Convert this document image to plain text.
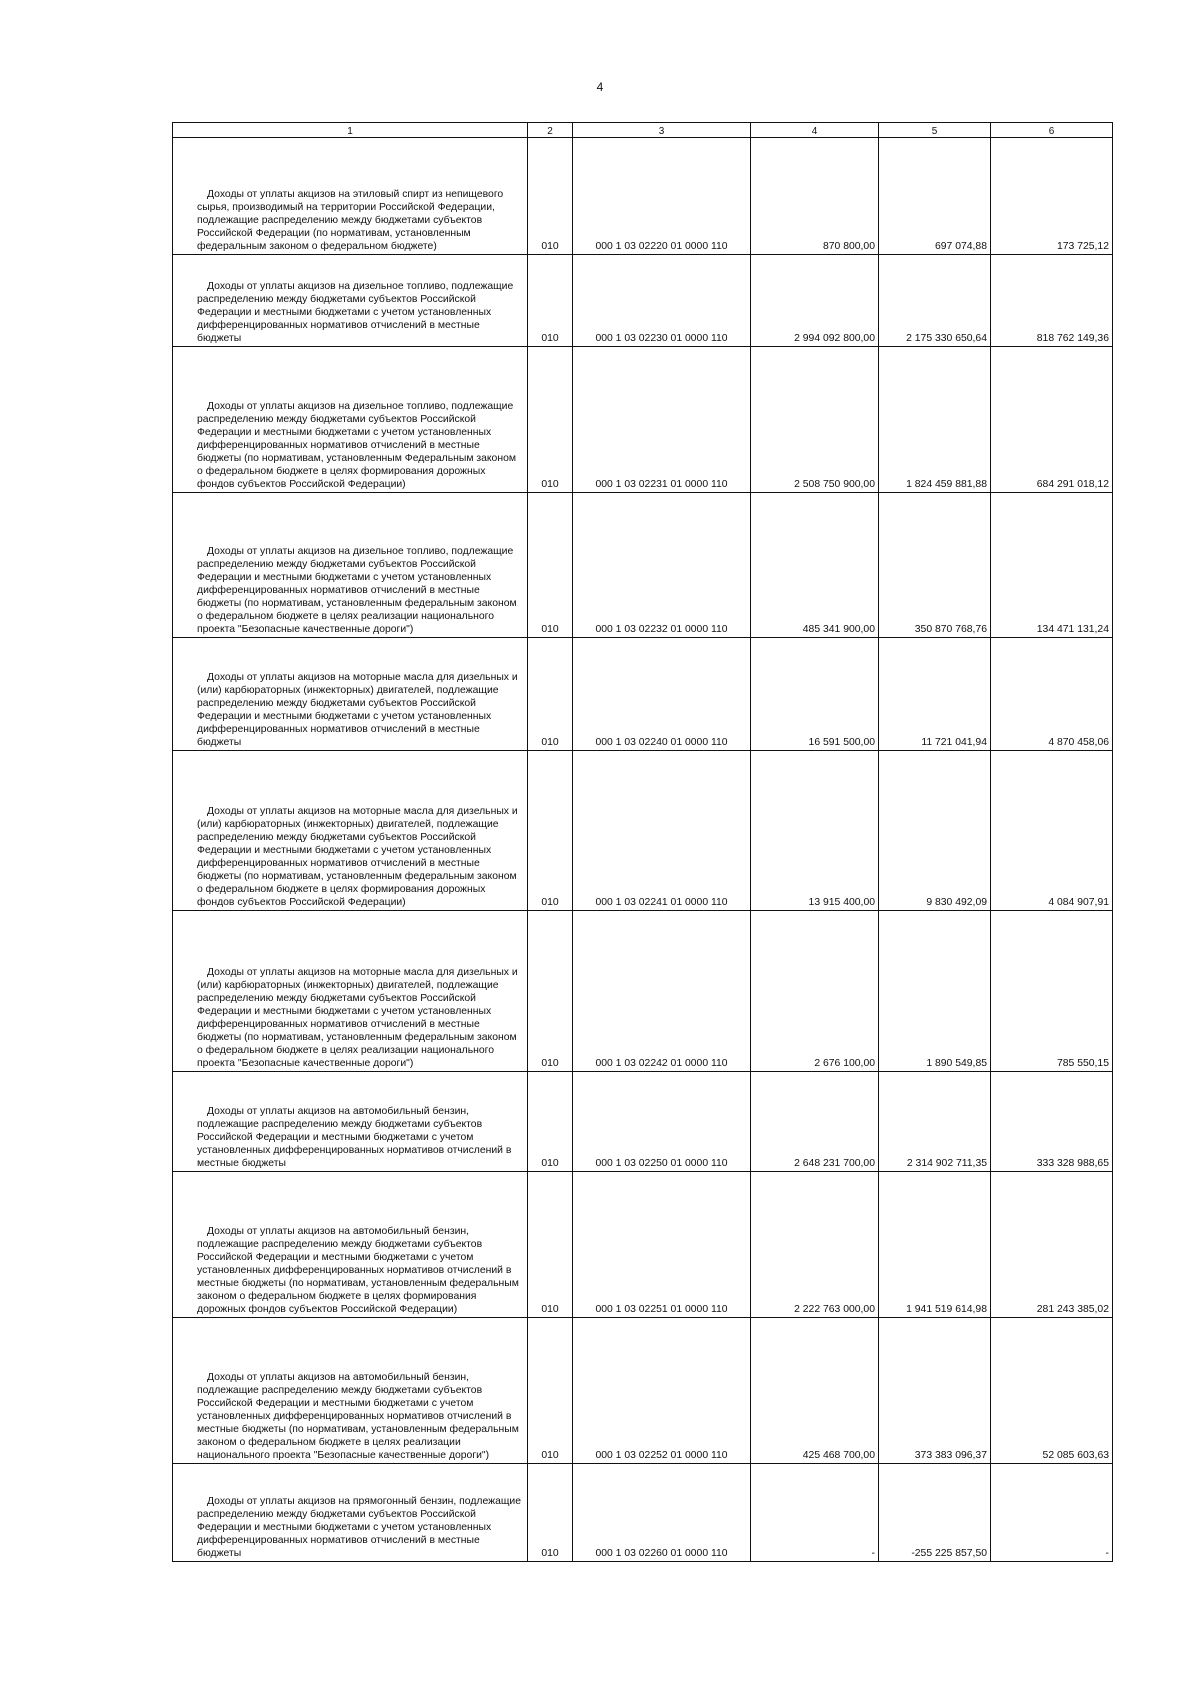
4
1	2	3	4	5	6
Доходы от уплаты акцизов на этиловый спирт из непищевого сырья, производимый на территории Российской Федерации, подлежащие распределению между бюджетами субъектов Российской Федерации (по нормативам, установленным федеральным законом о федеральном бюджете)	010	000 1 03 02220 01 0000 110	870 800,00	697 074,88	173 725,12
Доходы от уплаты акцизов на дизельное топливо, подлежащие распределению между бюджетами субъектов Российской Федерации и местными бюджетами с учетом установленных дифференцированных нормативов отчислений в местные бюджеты	010	000 1 03 02230 01 0000 110	2 994 092 800,00	2 175 330 650,64	818 762 149,36
Доходы от уплаты акцизов на дизельное топливо, подлежащие распределению между бюджетами субъектов Российской Федерации и местными бюджетами с учетом установленных дифференцированных нормативов отчислений в местные бюджеты (по нормативам, установленным Федеральным законом о федеральном бюджете в целях формирования дорожных фондов субъектов Российской Федерации)	010	000 1 03 02231 01 0000 110	2 508 750 900,00	1 824 459 881,88	684 291 018,12
Доходы от уплаты акцизов на дизельное топливо, подлежащие распределению между бюджетами субъектов Российской Федерации и местными бюджетами с учетом установленных дифференцированных нормативов отчислений в местные бюджеты (по нормативам, установленным федеральным законом о федеральном бюджете в целях реализации национального проекта "Безопасные качественные дороги")	010	000 1 03 02232 01 0000 110	485 341 900,00	350 870 768,76	134 471 131,24
Доходы от уплаты акцизов на моторные масла для дизельных и (или) карбюраторных (инжекторных) двигателей, подлежащие распределению между бюджетами субъектов Российской Федерации и местными бюджетами с учетом установленных дифференцированных нормативов отчислений в местные бюджеты	010	000 1 03 02240 01 0000 110	16 591 500,00	11 721 041,94	4 870 458,06
Доходы от уплаты акцизов на моторные масла для дизельных и (или) карбюраторных (инжекторных) двигателей, подлежащие распределению между бюджетами субъектов Российской Федерации и местными бюджетами с учетом установленных дифференцированных нормативов отчислений в местные бюджеты (по нормативам, установленным федеральным законом о федеральном бюджете в целях формирования дорожных фондов субъектов Российской Федерации)	010	000 1 03 02241 01 0000 110	13 915 400,00	9 830 492,09	4 084 907,91
Доходы от уплаты акцизов на моторные масла для дизельных и (или) карбюраторных (инжекторных) двигателей, подлежащие распределению между бюджетами субъектов Российской Федерации и местными бюджетами с учетом установленных дифференцированных нормативов отчислений в местные бюджеты (по нормативам, установленным федеральным законом о федеральном бюджете в целях реализации национального проекта "Безопасные качественные дороги")	010	000 1 03 02242 01 0000 110	2 676 100,00	1 890 549,85	785 550,15
Доходы от уплаты акцизов на автомобильный бензин, подлежащие распределению между бюджетами субъектов Российской Федерации и местными бюджетами с учетом установленных дифференцированных нормативов отчислений в местные бюджеты	010	000 1 03 02250 01 0000 110	2 648 231 700,00	2 314 902 711,35	333 328 988,65
Доходы от уплаты акцизов на автомобильный бензин, подлежащие распределению между бюджетами субъектов Российской Федерации и местными бюджетами с учетом установленных дифференцированных нормативов отчислений в местные бюджеты (по нормативам, установленным федеральным законом о федеральном бюджете в целях формирования дорожных фондов субъектов Российской Федерации)	010	000 1 03 02251 01 0000 110	2 222 763 000,00	1 941 519 614,98	281 243 385,02
Доходы от уплаты акцизов на автомобильный бензин, подлежащие распределению между бюджетами субъектов Российской Федерации и местными бюджетами с учетом установленных дифференцированных нормативов отчислений в местные бюджеты (по нормативам, установленным федеральным законом о федеральном бюджете в целях реализации национального проекта "Безопасные качественные дороги")	010	000 1 03 02252 01 0000 110	425 468 700,00	373 383 096,37	52 085 603,63
Доходы от уплаты акцизов на прямогонный бензин, подлежащие распределению между бюджетами субъектов Российской Федерации и местными бюджетами с учетом установленных дифференцированных нормативов отчислений в местные бюджеты	010	000 1 03 02260 01 0000 110	-	-255 225 857,50	-
